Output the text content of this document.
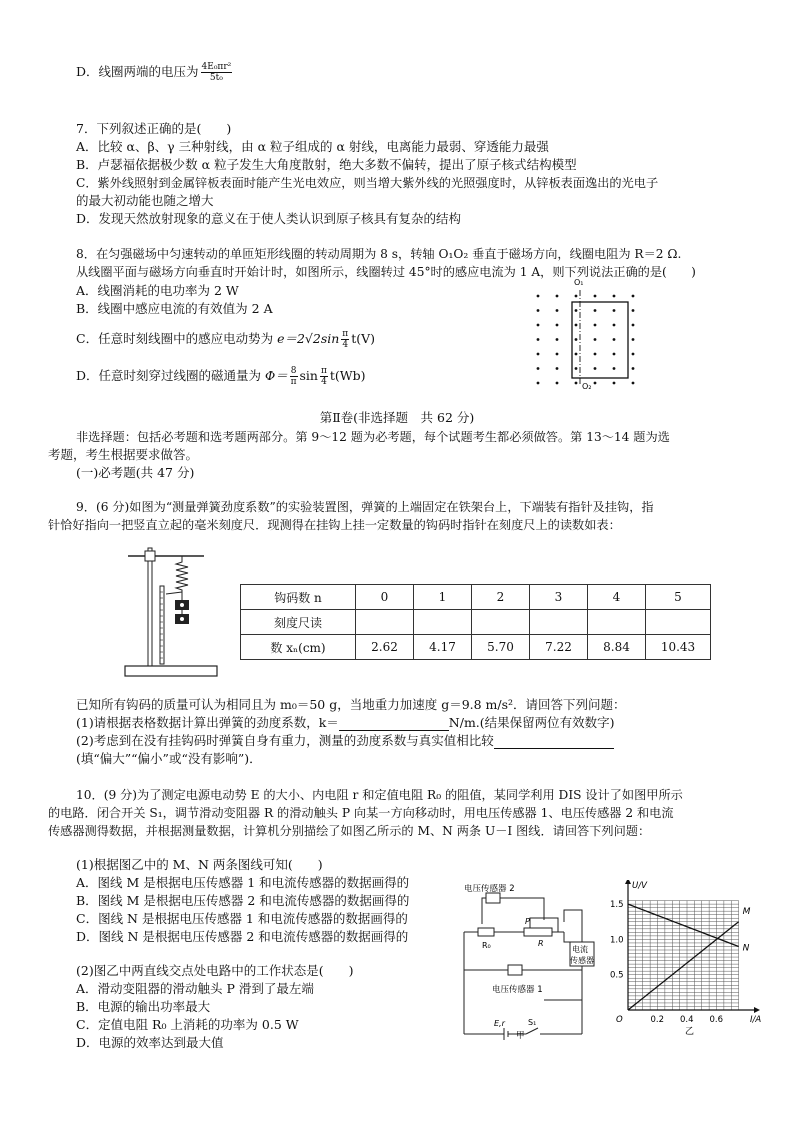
D．线圈两端的电压为 $\frac{\text{4E₀πr²}}{\text{5t₀}}$
7．下列叙述正确的是(　　)
A．比较 α、β、γ 三种射线，由 α 粒子组成的 α 射线，电离能力最弱、穿透能力最强
B．卢瑟福依据极少数 α 粒子发生大角度散射，绝大多数不偏转，提出了原子核式结构模型
C．紫外线照射到金属锌板表面时能产生光电效应，则当增大紫外线的光照强度时，从锌板表面逸出的光电子
的最大初动能也随之增大
D．发现天然放射现象的意义在于使人类认识到原子核具有复杂的结构
8．在匀强磁场中匀速转动的单匝矩形线圈的转动周期为 8 s，转轴 O₁O₂ 垂直于磁场方向，线圈电阻为 R＝2 Ω.
从线圈平面与磁场方向垂直时开始计时，如图所示，线圈转过 45°时的感应电流为 1 A，则下列说法正确的是(　　)
A．线圈消耗的电功率为 2 W
B．线圈中感应电流的有效值为 2 A
C．任意时刻线圈中的感应电动势为 $e=2√2\sin \frac{\pi}{4} t(V)$
D．任意时刻穿过线圈的磁通量为 $\Phi= \frac{8}{\pi}$ $\sin \frac{\pi}{4} t(Wb)$
O₁
O₂
第Ⅱ卷(非选择题　共 62 分)
非选择题：包括必考题和选考题两部分。第 9～12 题为必考题，每个试题考生都必须做答。第 13～14 题为选
考题，考生根据要求做答。
(一)必考题(共 47 分)
9．(6 分)如图为“测量弹簧劲度系数”的实验装置图，弹簧的上端固定在铁架台上，下端装有指针及挂钩，指
针恰好指向一把竖直立起的毫米刻度尺．现测得在挂钩上挂一定数量的钩码时指针在刻度尺上的读数如表：
钩码数 n	0	1	2	3	4	5
刻度尺读						
数 xₙ(cm)	2.62	4.17	5.70	7.22	8.84	10.43
已知所有钩码的质量可认为相同且为 m₀＝50 g，当地重力加速度 g＝9.8 m/s²．请回答下列问题：
(1)请根据表格数据计算出弹簧的劲度系数，k＝	N/m.(结果保留两位有效数字)
(2)考虑到在没有挂钩码时弹簧自身有重力，测量的劲度系数与真实值相比较
(填“偏大”“偏小”或“没有影响”)．
10．(9 分)为了测定电源电动势 E 的大小、内电阻 r 和定值电阻 R₀ 的阻值，某同学利用 DIS 设计了如图甲所示
的电路．闭合开关 S₁，调节滑动变阻器 R 的滑动触头 P 向某一方向移动时，用电压传感器 1、电压传感器 2 和电流
传感器测得数据，并根据测量数据，计算机分别描绘了如图乙所示的 M、N 两条 U－I 图线．请回答下列问题：
(1)根据图乙中的 M、N 两条图线可知(　　)
A．图线 M 是根据电压传感器 1 和电流传感器的数据画得的
B．图线 M 是根据电压传感器 2 和电流传感器的数据画得的
C．图线 N 是根据电压传感器 1 和电流传感器的数据画得的
D．图线 N 是根据电压传感器 2 和电流传感器的数据画得的
(2)图乙中两直线交点处电路中的工作状态是(　　)
A．滑动变阻器的滑动触头 P 滑到了最左端
B．电源的输出功率最大
C．定值电阻 R₀ 上消耗的功率为 0.5 W
D．电源的效率达到最大值
电压传感器 2
R₀
P
R
电流
传感器
电压传感器 1
E,r	S₁
甲
1.5
1.0
0.5
0.2 0.4 0.6
M
N
U/V
I/A
O
乙
